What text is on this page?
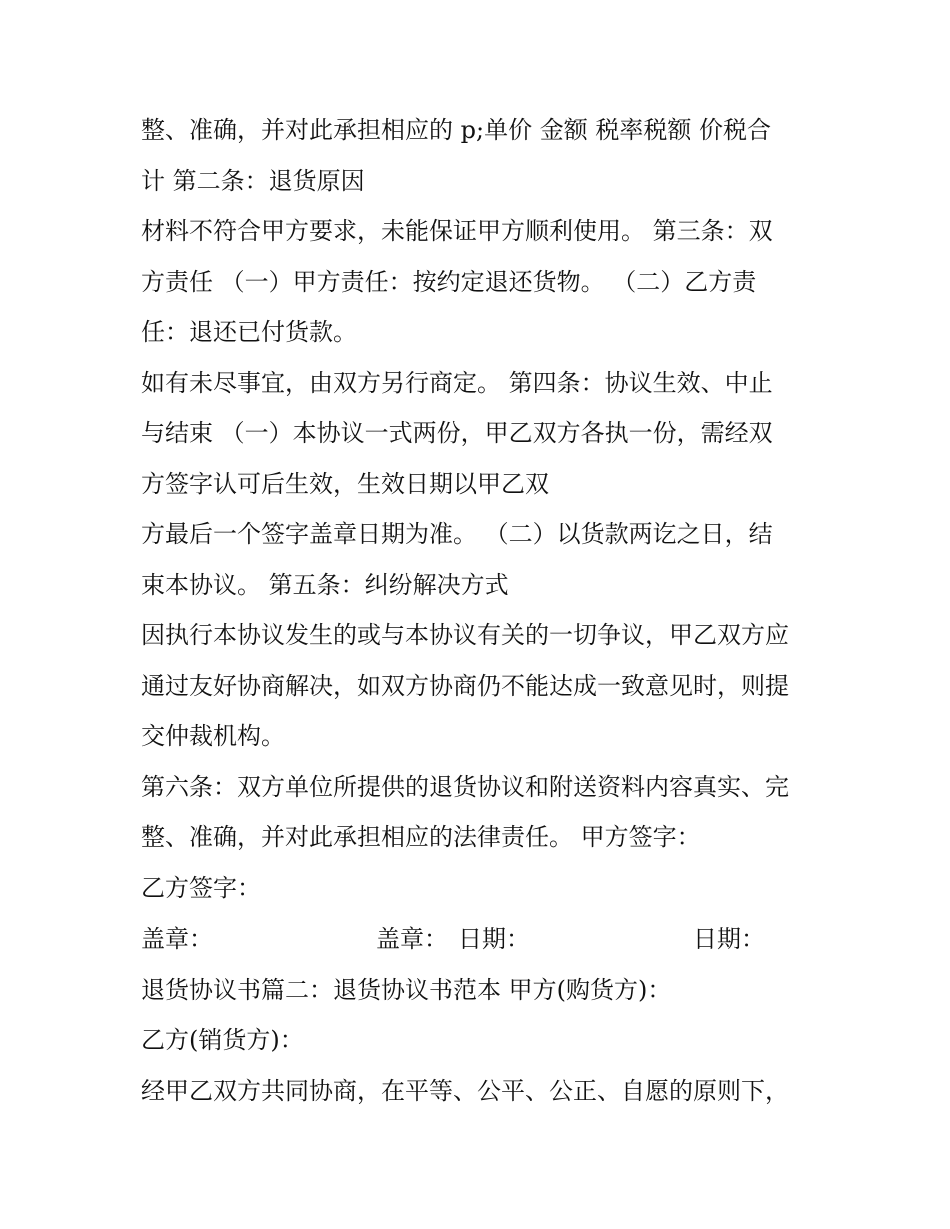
整、准确，并对此承担相应的 p;单价 金额 税率税额 价税合
计 第二条：退货原因
材料不符合甲方要求，未能保证甲方顺利使用。 第三条：双
方责任 （一）甲方责任：按约定退还货物。 （二）乙方责
任：退还已付货款。
如有未尽事宜，由双方另行商定。 第四条：协议生效、中止
与结束 （一）本协议一式两份，甲乙双方各执一份，需经双
方签字认可后生效，生效日期以甲乙双
方最后一个签字盖章日期为准。 （二）以货款两讫之日，结
束本协议。 第五条：纠纷解决方式
因执行本协议发生的或与本协议有关的一切争议，甲乙双方应
通过友好协商解决，如双方协商仍不能达成一致意见时，则提
交仲裁机构。
第六条：双方单位所提供的退货协议和附送资料内容真实、完
整、准确，并对此承担相应的法律责任。 甲方签字：
乙方签字：
盖章：	盖章： 日期：	日期：
退货协议书篇二：退货协议书范本 甲方(购货方)：
乙方(销货方)：
经甲乙双方共同协商，在平等、公平、公正、自愿的原则下，
